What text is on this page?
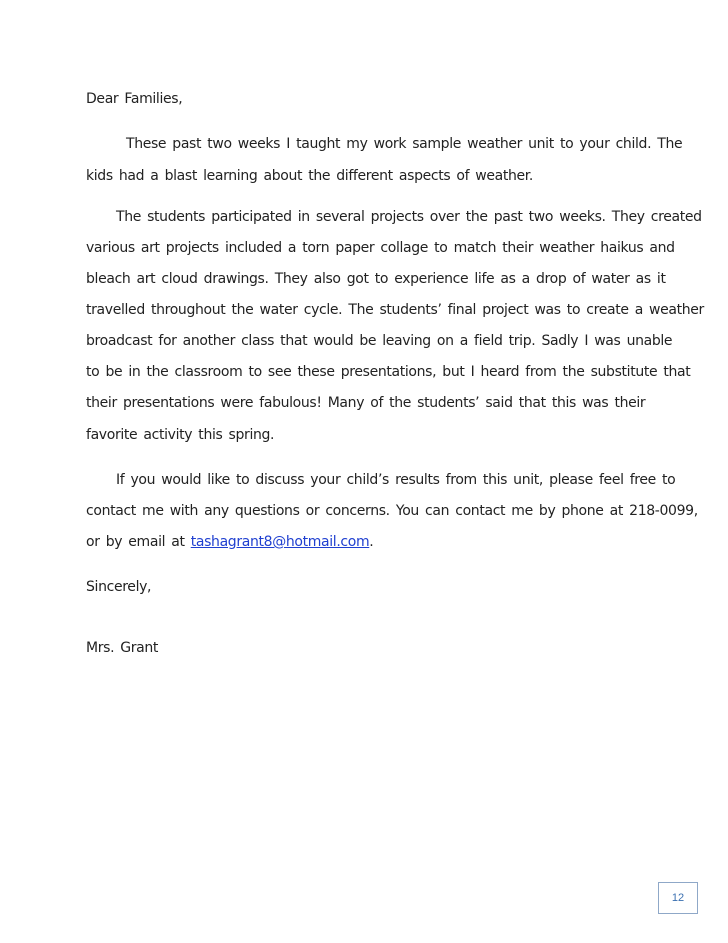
Dear Families,
These past two weeks I taught my work sample weather unit to your child. The
kids had a blast learning about the different aspects of weather.
The students participated in several projects over the past two weeks. They created
various art projects included a torn paper collage to match their weather haikus and
bleach art cloud drawings. They also got to experience life as a drop of water as it
travelled throughout the water cycle. The students’ final project was to create a weather
broadcast for another class that would be leaving on a field trip. Sadly I was unable
to be in the classroom to see these presentations, but I heard from the substitute that
their presentations were fabulous! Many of the students’ said that this was their
favorite activity this spring.
If you would like to discuss your child’s results from this unit, please feel free to
contact me with any questions or concerns. You can contact me by phone at 218-0099,
or by email at tashagrant8@hotmail.com.
Sincerely,
Mrs. Grant
12
